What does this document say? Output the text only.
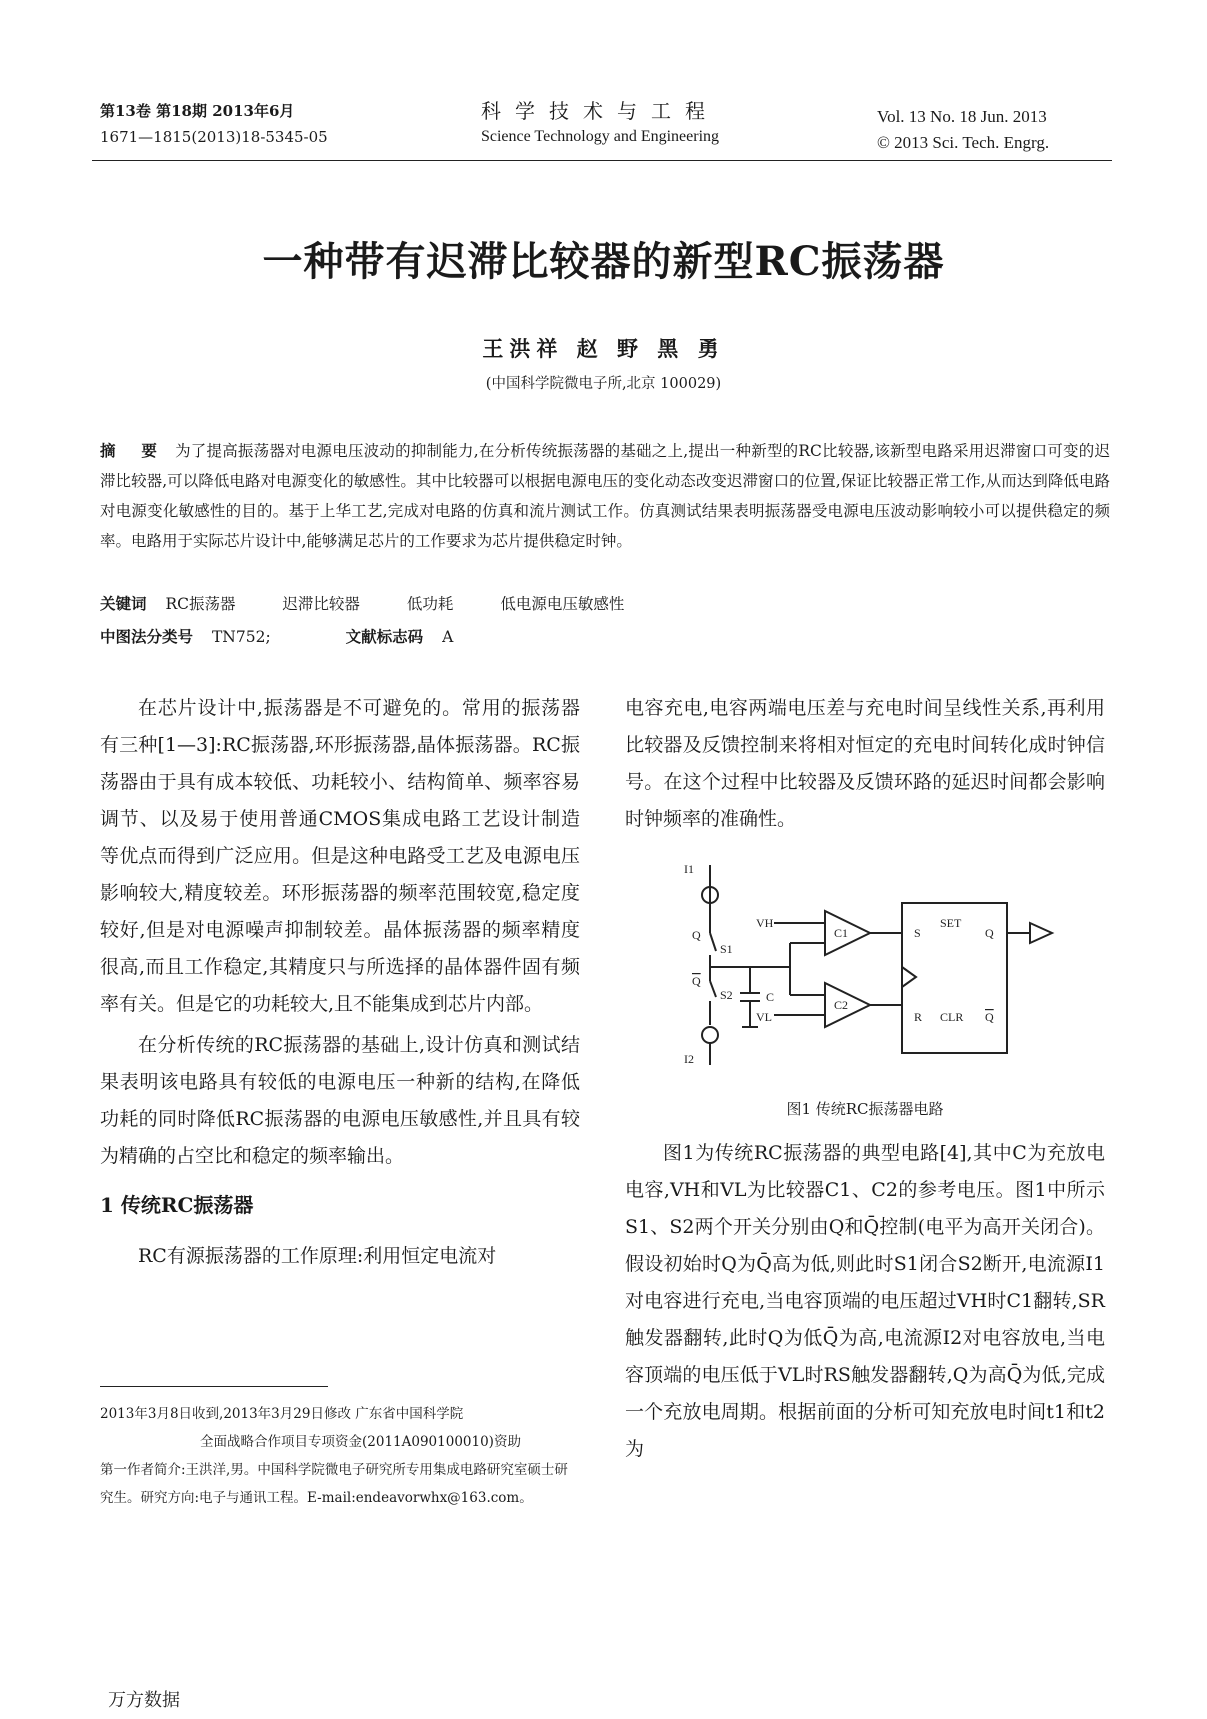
第13卷 第18期 2013年6月
1671—1815(2013)18-5345-05
科学技术与工程
Science Technology and Engineering
Vol. 13 No. 18 Jun. 2013
© 2013 Sci. Tech. Engrg.
一种带有迟滞比较器的新型RC振荡器
王洪祥 赵 野 黑 勇
(中国科学院微电子所,北京 100029)
摘 要 为了提高振荡器对电源电压波动的抑制能力,在分析传统振荡器的基础之上,提出一种新型的RC比较器,该新型电路采用迟滞窗口可变的迟滞比较器,可以降低电路对电源变化的敏感性。其中比较器可以根据电源电压的变化动态改变迟滞窗口的位置,保证比较器正常工作,从而达到降低电路对电源变化敏感性的目的。基于上华工艺,完成对电路的仿真和流片测试工作。仿真测试结果表明振荡器受电源电压波动影响较小可以提供稳定的频率。电路用于实际芯片设计中,能够满足芯片的工作要求为芯片提供稳定时钟。
关键词 RC振荡器	迟滞比较器	低功耗	低电源电压敏感性
中图法分类号 TN752;	文献标志码 A

在芯片设计中,振荡器是不可避免的。常用的振荡器有三种[1—3]:RC振荡器,环形振荡器,晶体振荡器。RC振荡器由于具有成本较低、功耗较小、结构简单、频率容易调节、以及易于使用普通CMOS集成电路工艺设计制造等优点而得到广泛应用。但是这种电路受工艺及电源电压影响较大,精度较差。环形振荡器的频率范围较宽,稳定度较好,但是对电源噪声抑制较差。晶体振荡器的频率精度很高,而且工作稳定,其精度只与所选择的晶体器件固有频率有关。但是它的功耗较大,且不能集成到芯片内部。

在分析传统的RC振荡器的基础上,设计仿真和测试结果表明该电路具有较低的电源电压一种新的结构,在降低功耗的同时降低RC振荡器的电源电压敏感性,并且具有较为精确的占空比和稳定的频率输出。

1 传统RC振荡器

RC有源振荡器的工作原理:利用恒定电流对

2013年3月8日收到,2013年3月29日修改 广东省中国科学院
全面战略合作项目专项资金(2011A090100010)资助
第一作者简介:王洪洋,男。中国科学院微电子研究所专用集成电路研究室硕士研究生。研究方向:电子与通讯工程。E-mail:endeavorwhx@163.com。

电容充电,电容两端电压差与充电时间呈线性关系,再利用比较器及反馈控制来将相对恒定的充电时间转化成时钟信号。在这个过程中比较器及反馈环路的延迟时间都会影响时钟频率的准确性。

I1
Q
S1
Q
S2
I2
C
VH
VL
C1
C2
S
SET
R CLR
Q
Q
图1 传统RC振荡器电路

图1为传统RC振荡器的典型电路[4],其中C为充放电电容,VH和VL为比较器C1、C2的参考电压。图1中所示S1、S2两个开关分别由Q和Q̄控制(电平为高开关闭合)。假设初始时Q为Q̄高为低,则此时S1闭合S2断开,电流源I1对电容进行充电,当电容顶端的电压超过VH时C1翻转,SR触发器翻转,此时Q为低Q̄为高,电流源I2对电容放电,当电容顶端的电压低于VL时RS触发器翻转,Q为高Q̄为低,完成一个充放电周期。根据前面的分析可知充放电时间t1和t2为

万方数据
